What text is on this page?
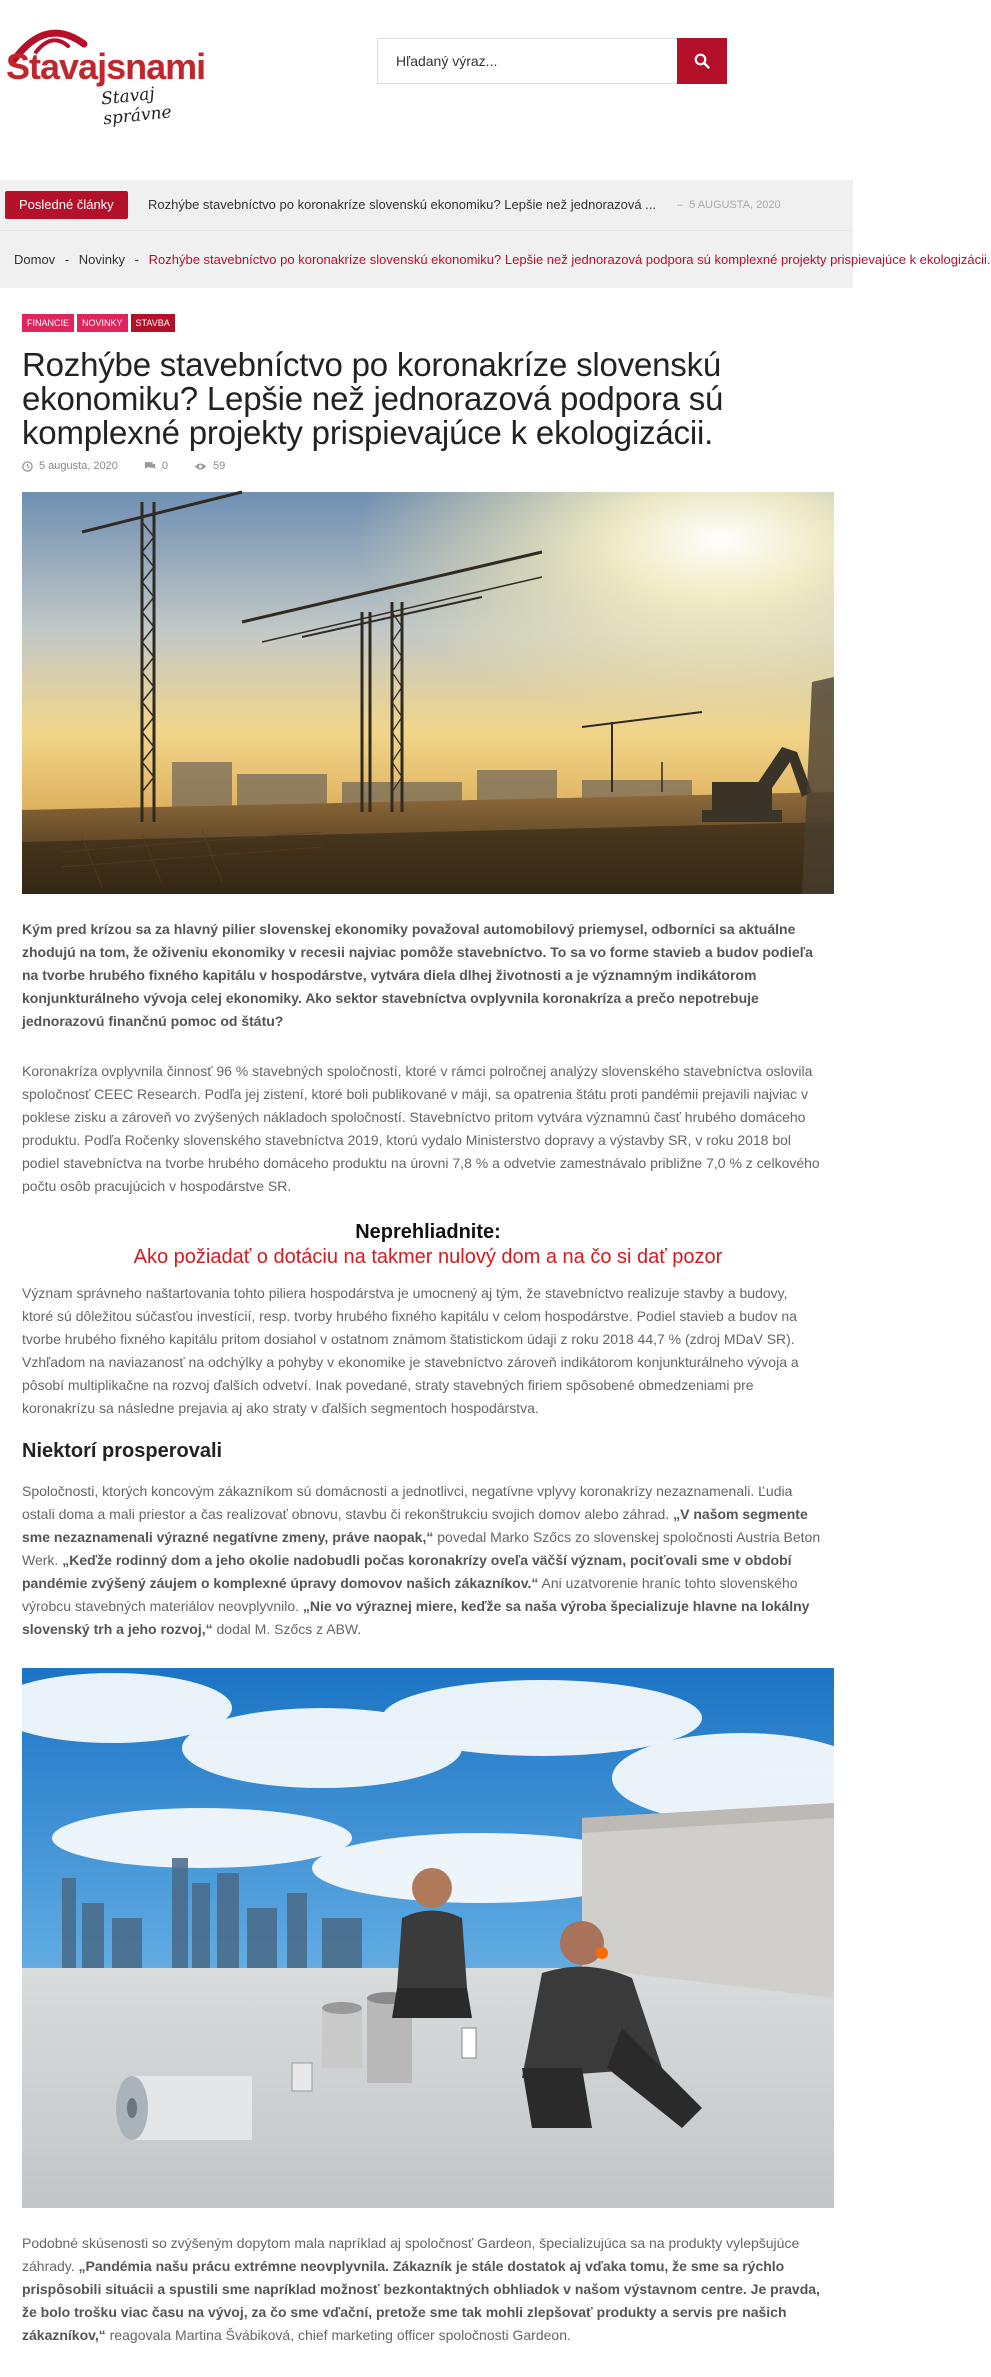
Stavajsnami
Stavaj správne
Hľadaný výraz...
Posledné články	Rozhýbe stavebníctvo po koronakríze slovenskú ekonomiku? Lepšie než jednorazová ... – 5 AUGUSTA, 2020
Domov - Novinky - Rozhýbe stavebníctvo po koronakríze slovenskú ekonomiku? Lepšie než jednorazová podpora sú komplexné projekty prispievajúce k ekologizácii.
FINANCIE	NOVINKY	STAVBA
Rozhýbe stavebníctvo po koronakríze slovenskú ekonomiku? Lepšie než jednorazová podpora sú komplexné projekty prispievajúce k ekologizácii.
5 augusta, 2020	0	59

Kým pred krízou sa za hlavný pilier slovenskej ekonomiky považoval automobilový priemysel, odborníci sa aktuálne zhodujú na tom, že oživeniu ekonomiky v recesii najviac pomôže stavebníctvo. To sa vo forme stavieb a budov podieľa na tvorbe hrubého fixného kapitálu v hospodárstve, vytvára diela dlhej životnosti a je významným indikátorom konjunkturálneho vývoja celej ekonomiky. Ako sektor stavebníctva ovplyvnila koronakríza a prečo nepotrebuje jednorazovú finančnú pomoc od štátu?

Koronakríza ovplyvnila činnosť 96 % stavebných spoločností, ktoré v rámci polročnej analýzy slovenského stavebníctva oslovila spoločnosť CEEC Research. Podľa jej zistení, ktoré boli publikované v máji, sa opatrenia štátu proti pandémii prejavili najviac v poklese zisku a zároveň vo zvýšených nákladoch spoločností. Stavebníctvo pritom vytvára významnú časť hrubého domáceho produktu. Podľa Ročenky slovenského stavebníctva 2019, ktorú vydalo Ministerstvo dopravy a výstavby SR, v roku 2018 bol podiel stavebníctva na tvorbe hrubého domáceho produktu na úrovni 7,8 % a odvetvie zamestnávalo približne 7,0 % z celkového počtu osôb pracujúcich v hospodárstve SR.

Neprehliadnite:
Ako požiadať o dotáciu na takmer nulový dom a na čo si dať pozor

Význam správneho naštartovania tohto piliera hospodárstva je umocnený aj tým, že stavebníctvo realizuje stavby a budovy, ktoré sú dôležitou súčasťou investícií, resp. tvorby hrubého fixného kapitálu v celom hospodárstve. Podiel stavieb a budov na tvorbe hrubého fixného kapitálu pritom dosiahol v ostatnom známom štatistickom údaji z roku 2018 44,7 % (zdroj MDaV SR). Vzhľadom na naviazanosť na odchýlky a pohyby v ekonomike je stavebníctvo zároveň indikátorom konjunkturálneho vývoja a pôsobí multiplikačne na rozvoj ďalších odvetví. Inak povedané, straty stavebných firiem spôsobené obmedzeniami pre koronakrízu sa následne prejavia aj ako straty v ďalších segmentoch hospodárstva.

Niektorí prosperovali

Spoločnosti, ktorých koncovým zákazníkom sú domácnosti a jednotlivci, negatívne vplyvy koronakrízy nezaznamenali. Ľudia ostali doma a mali priestor a čas realizovať obnovu, stavbu či rekonštrukciu svojich domov alebo záhrad. „V našom segmente sme nezaznamenali výrazné negatívne zmeny, práve naopak,“ povedal Marko Szőcs zo slovenskej spoločnosti Austria Beton Werk. „Keďže rodinný dom a jeho okolie nadobudli počas koronakrízy oveľa väčší význam, pociťovali sme v období pandémie zvýšený záujem o komplexné úpravy domovov našich zákazníkov.“ Ani uzatvorenie hraníc tohto slovenského výrobcu stavebných materiálov neovplyvnilo. „Nie vo výraznej miere, keďže sa naša výroba špecializuje hlavne na lokálny slovenský trh a jeho rozvoj,“ dodal M. Szőcs z ABW.

Podobné skúsenosti so zvýšeným dopytom mala napríklad aj spoločnosť Gardeon, špecializujúca sa na produkty vylepšujúce záhrady. „Pandémia našu prácu extrémne neovplyvnila. Zákazník je stále dostatok aj vďaka tomu, že sme sa rýchlo prispôsobili situácii a spustili sme napríklad možnosť bezkontaktných obhliadok v našom výstavnom centre. Je pravda, že bolo trošku viac času na vývoj, za čo sme vďační, pretože sme tak mohli zlepšovať produkty a servis pre našich zákazníkov,“ reagovala Martina Švábiková, chief marketing officer spoločnosti Gardeon.
